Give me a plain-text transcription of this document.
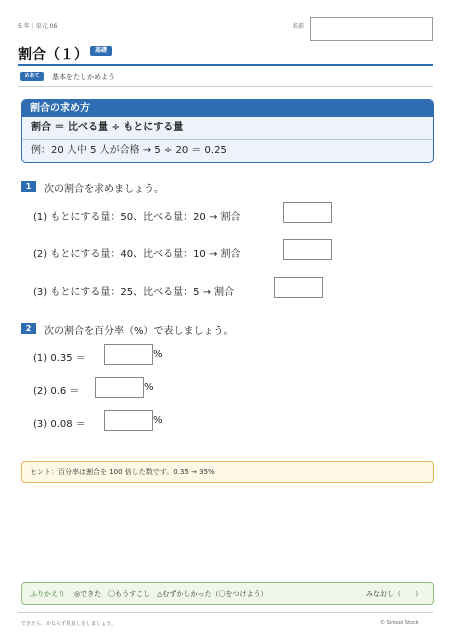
5 年｜単元 06	名前
割合（１）	基礎
めあて	基本をたしかめよう
割合の求め方
割合 ＝ 比べる量 ÷ もとにする量
例：20 人中 5 人が合格 → 5 ÷ 20 ＝ 0.25
1	次の割合を求めましょう。
(1) もとにする量：50、比べる量：20 → 割合
(2) もとにする量：40、比べる量：10 → 割合
(3) もとにする量：25、比べる量：5 → 割合
2	次の割合を百分率（%）で表しましょう。
(1) 0.35 ＝	%
(2) 0.6 ＝	%
(3) 0.08 ＝	%
ヒント：百分率は割合を 100 倍した数です。0.35 → 35%
ふりかえり ◎できた　〇もうすこし　△むずかしかった（〇をつけよう）	みなおし（　　）
できたら、かならず見直しをしましょう。	© School Stock
